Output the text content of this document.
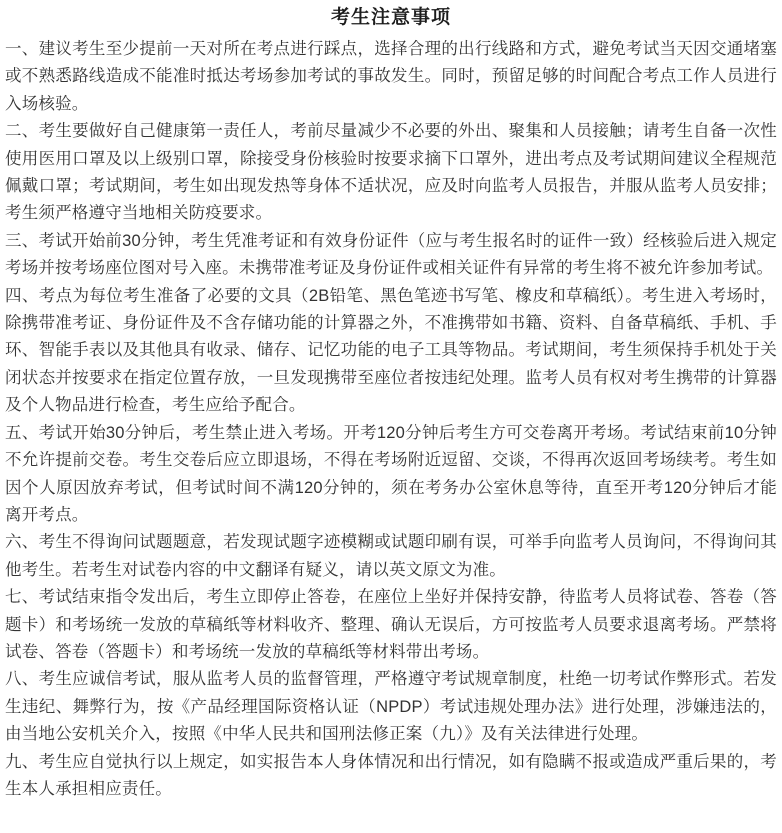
考生注意事项

一、建议考生至少提前一天对所在考点进行踩点，选择合理的出行线路和方式，避免考试当天因交通堵塞或不熟悉路线造成不能准时抵达考场参加考试的事故发生。同时，预留足够的时间配合考点工作人员进行入场核验。

二、考生要做好自己健康第一责任人，考前尽量减少不必要的外出、聚集和人员接触；请考生自备一次性使用医用口罩及以上级别口罩，除接受身份核验时按要求摘下口罩外，进出考点及考试期间建议全程规范佩戴口罩；考试期间，考生如出现发热等身体不适状况，应及时向监考人员报告，并服从监考人员安排；考生须严格遵守当地相关防疫要求。

三、考试开始前30分钟，考生凭准考证和有效身份证件（应与考生报名时的证件一致）经核验后进入规定考场并按考场座位图对号入座。未携带准考证及身份证件或相关证件有异常的考生将不被允许参加考试。

四、考点为每位考生准备了必要的文具（2B铅笔、黑色笔迹书写笔、橡皮和草稿纸）。考生进入考场时，除携带准考证、身份证件及不含存储功能的计算器之外，不准携带如书籍、资料、自备草稿纸、手机、手环、智能手表以及其他具有收录、储存、记忆功能的电子工具等物品。考试期间，考生须保持手机处于关闭状态并按要求在指定位置存放，一旦发现携带至座位者按违纪处理。监考人员有权对考生携带的计算器及个人物品进行检查，考生应给予配合。

五、考试开始30分钟后，考生禁止进入考场。开考120分钟后考生方可交卷离开考场。考试结束前10分钟不允许提前交卷。考生交卷后应立即退场，不得在考场附近逗留、交谈，不得再次返回考场续考。考生如因个人原因放弃考试，但考试时间不满120分钟的，须在考务办公室休息等待，直至开考120分钟后才能离开考点。

六、考生不得询问试题题意，若发现试题字迹模糊或试题印刷有误，可举手向监考人员询问，不得询问其他考生。若考生对试卷内容的中文翻译有疑义，请以英文原文为准。

七、考试结束指令发出后，考生立即停止答卷，在座位上坐好并保持安静，待监考人员将试卷、答卷（答题卡）和考场统一发放的草稿纸等材料收齐、整理、确认无误后，方可按监考人员要求退离考场。严禁将试卷、答卷（答题卡）和考场统一发放的草稿纸等材料带出考场。

八、考生应诚信考试，服从监考人员的监督管理，严格遵守考试规章制度，杜绝一切考试作弊形式。若发生违纪、舞弊行为，按《产品经理国际资格认证（NPDP）考试违规处理办法》进行处理，涉嫌违法的，由当地公安机关介入，按照《中华人民共和国刑法修正案（九）》及有关法律进行处理。

九、考生应自觉执行以上规定，如实报告本人身体情况和出行情况，如有隐瞒不报或造成严重后果的，考生本人承担相应责任。
